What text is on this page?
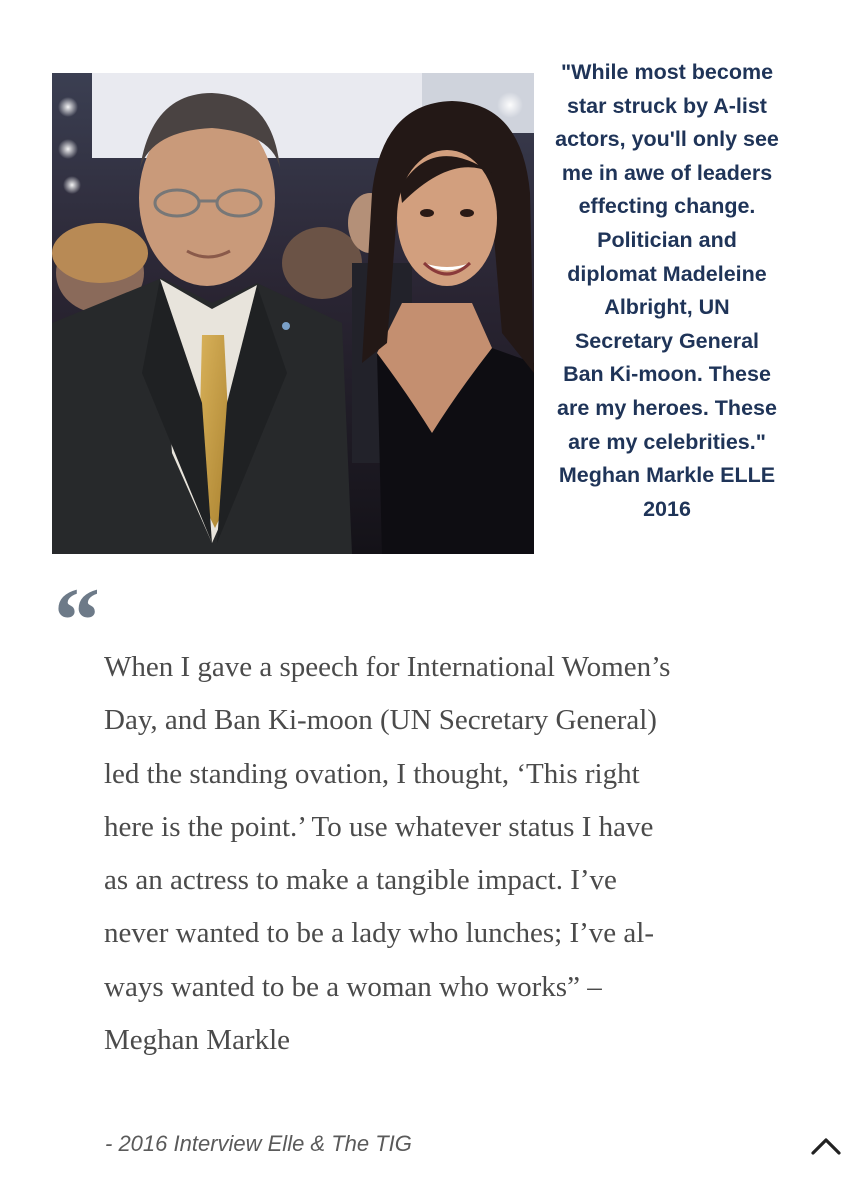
"While most become
star struck by A-list
actors, you'll only see
me in awe of leaders
effecting change.
Politician and
diplomat Madeleine
Albright, UN
Secretary General
Ban Ki-moon. These
are my heroes. These
are my celebrities."
Meghan Markle ELLE
2016
“ When I gave a speech for International Women’s
Day, and Ban Ki-moon (UN Secretary General)
led the standing ovation, I thought, ‘This right
here is the point.’ To use whatever status I have
as an actress to make a tangible impact. I’ve
never wanted to be a lady who lunches; I’ve al-
ways wanted to be a woman who works” –
Meghan Markle
- 2016 Interview Elle & The TIG
